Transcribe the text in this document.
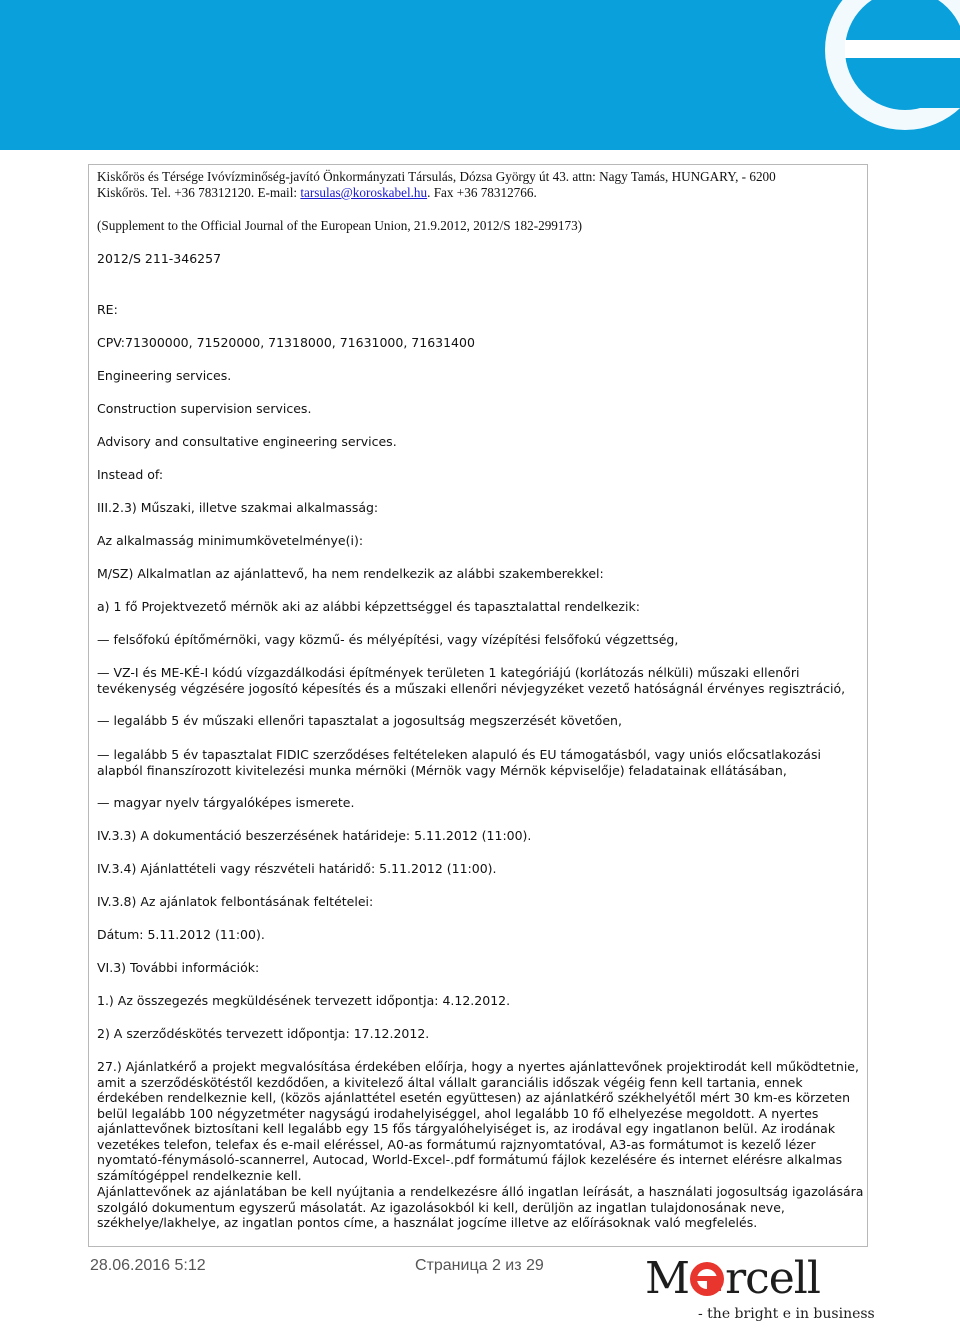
Kiskőrös és Térsége Ivóvízminőség-javító Önkormányzati Társulás, Dózsa György út 43. attn: Nagy Tamás, HUNGARY, - 6200
Kiskőrös. Tel. +36 78312120. E-mail: tarsulas@koroskabel.hu. Fax +36 78312766.
(Supplement to the Official Journal of the European Union, 21.9.2012, 2012/S 182-299173)
2012/S 211-346257
RE:
CPV:71300000, 71520000, 71318000, 71631000, 71631400
Engineering services.
Construction supervision services.
Advisory and consultative engineering services.
Instead of:
III.2.3) Műszaki, illetve szakmai alkalmasság:
Az alkalmasság minimumkövetelménye(i):
M/SZ) Alkalmatlan az ajánlattevő, ha nem rendelkezik az alábbi szakemberekkel:
a) 1 fő Projektvezető mérnök aki az alábbi képzettséggel és tapasztalattal rendelkezik:
— felsőfokú építőmérnöki, vagy közmű- és mélyépítési, vagy vízépítési felsőfokú végzettség,
— VZ-I és ME-KÉ-I kódú vízgazdálkodási építmények területen 1 kategóriájú (korlátozás nélküli) műszaki ellenőri tevékenység végzésére jogosító képesítés és a műszaki ellenőri névjegyzéket vezető hatóságnál érvényes regisztráció,
— legalább 5 év műszaki ellenőri tapasztalat a jogosultság megszerzését követően,
— legalább 5 év tapasztalat FIDIC szerződéses feltételeken alapuló és EU támogatásból, vagy uniós előcsatlakozási alapból finanszírozott kivitelezési munka mérnöki (Mérnök vagy Mérnök képviselője) feladatainak ellátásában,
— magyar nyelv tárgyalóképes ismerete.
IV.3.3) A dokumentáció beszerzésének határideje: 5.11.2012 (11:00).
IV.3.4) Ajánlattételi vagy részvételi határidő: 5.11.2012 (11:00).
IV.3.8) Az ajánlatok felbontásának feltételei:
Dátum: 5.11.2012 (11:00).
VI.3) További információk:
1.) Az összegezés megküldésének tervezett időpontja: 4.12.2012.
2) A szerződéskötés tervezett időpontja: 17.12.2012.
27.) Ajánlatkérő a projekt megvalósítása érdekében előírja, hogy a nyertes ajánlattevőnek projektirodát kell működtetnie, amit a szerződéskötéstől kezdődően, a kivitelező által vállalt garanciális időszak végéig fenn kell tartania, ennek érdekében rendelkeznie kell, (közös ajánlattétel esetén együttesen) az ajánlatkérő székhelyétől mért 30 km-es körzeten belül legalább 100 négyzetméter nagyságú irodahelyiséggel, ahol legalább 10 fő elhelyezése megoldott. A nyertes ajánlattevőnek biztosítani kell legalább egy 15 fős tárgyalóhelyiséget is, az irodával egy ingatlanon belül. Az irodának vezetékes telefon, telefax és e-mail eléréssel, A0-as formátumú rajznyomtatóval, A3-as formátumot is kezelő lézer nyomtató-fénymásoló-scannerrel, Autocad, World-Excel-.pdf formátumú fájlok kezelésére és internet elérésre alkalmas számítógéppel rendelkeznie kell.
Ajánlattevőnek az ajánlatában be kell nyújtania a rendelkezésre álló ingatlan leírását, a használati jogosultság igazolására szolgáló dokumentum egyszerű másolatát. Az igazolásokból ki kell, derüljön az ingatlan tulajdonosának neve, székhelye/lakhelye, az ingatlan pontos címe, a használat jogcíme illetve az előírásoknak való megfelelés.
28.06.2016 5:12	Страница 2 из 29 M rcell
- the bright e in business
